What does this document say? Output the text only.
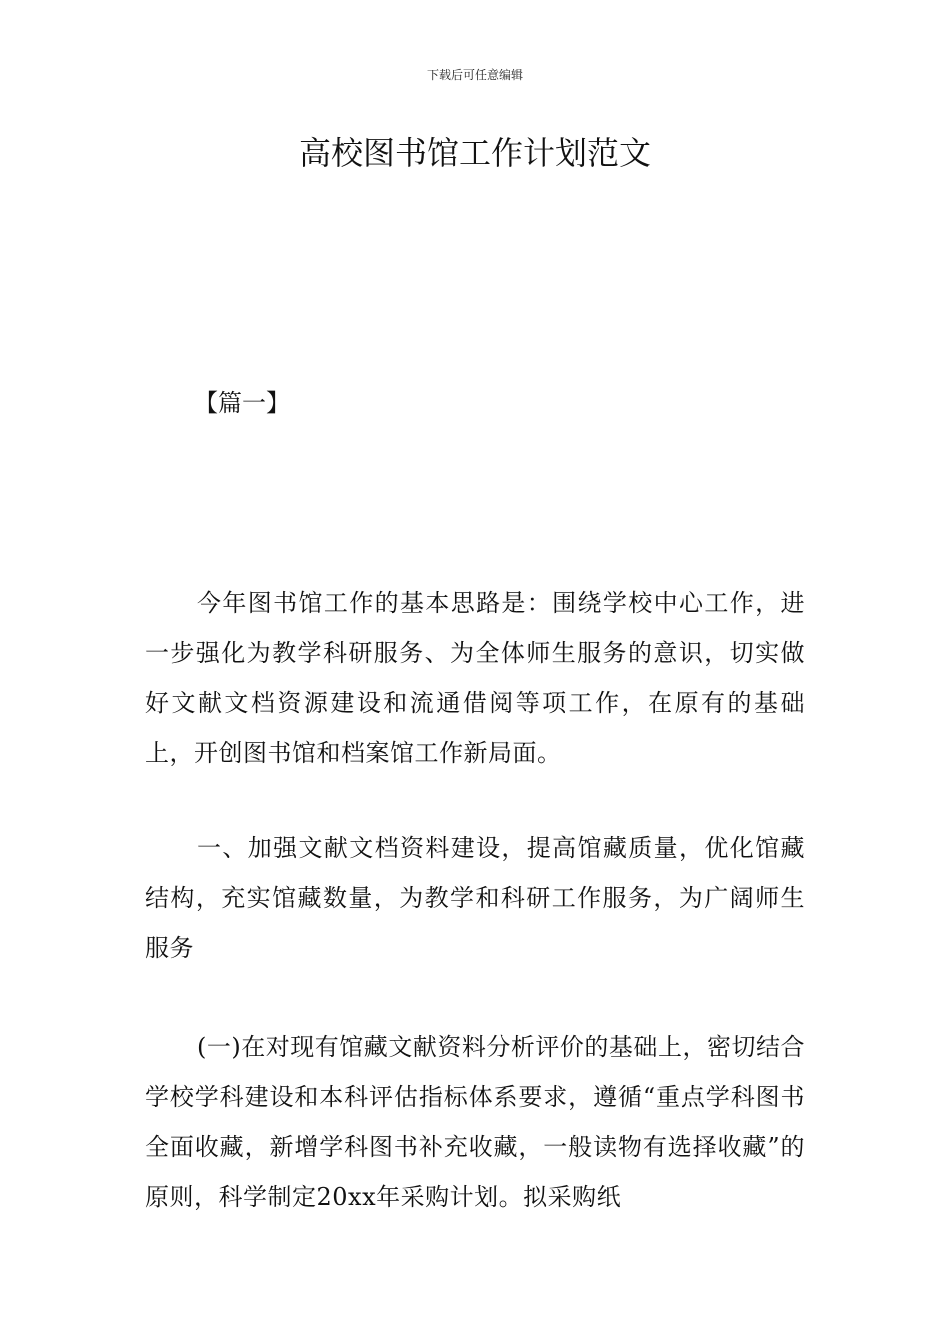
下载后可任意编辑
高校图书馆工作计划范文

【篇一】

今年图书馆工作的基本思路是：围绕学校中心工作，进一步强化为教学科研服务、为全体师生服务的意识，切实做好文献文档资源建设和流通借阅等项工作，在原有的基础上，开创图书馆和档案馆工作新局面。

一、加强文献文档资料建设，提高馆藏质量，优化馆藏结构，充实馆藏数量，为教学和科研工作服务，为广阔师生服务

(一)在对现有馆藏文献资料分析评价的基础上，密切结合学校学科建设和本科评估指标体系要求，遵循“重点学科图书全面收藏，新增学科图书补充收藏，一般读物有选择收藏”的原则，科学制定20xx年采购计划。拟采购纸
